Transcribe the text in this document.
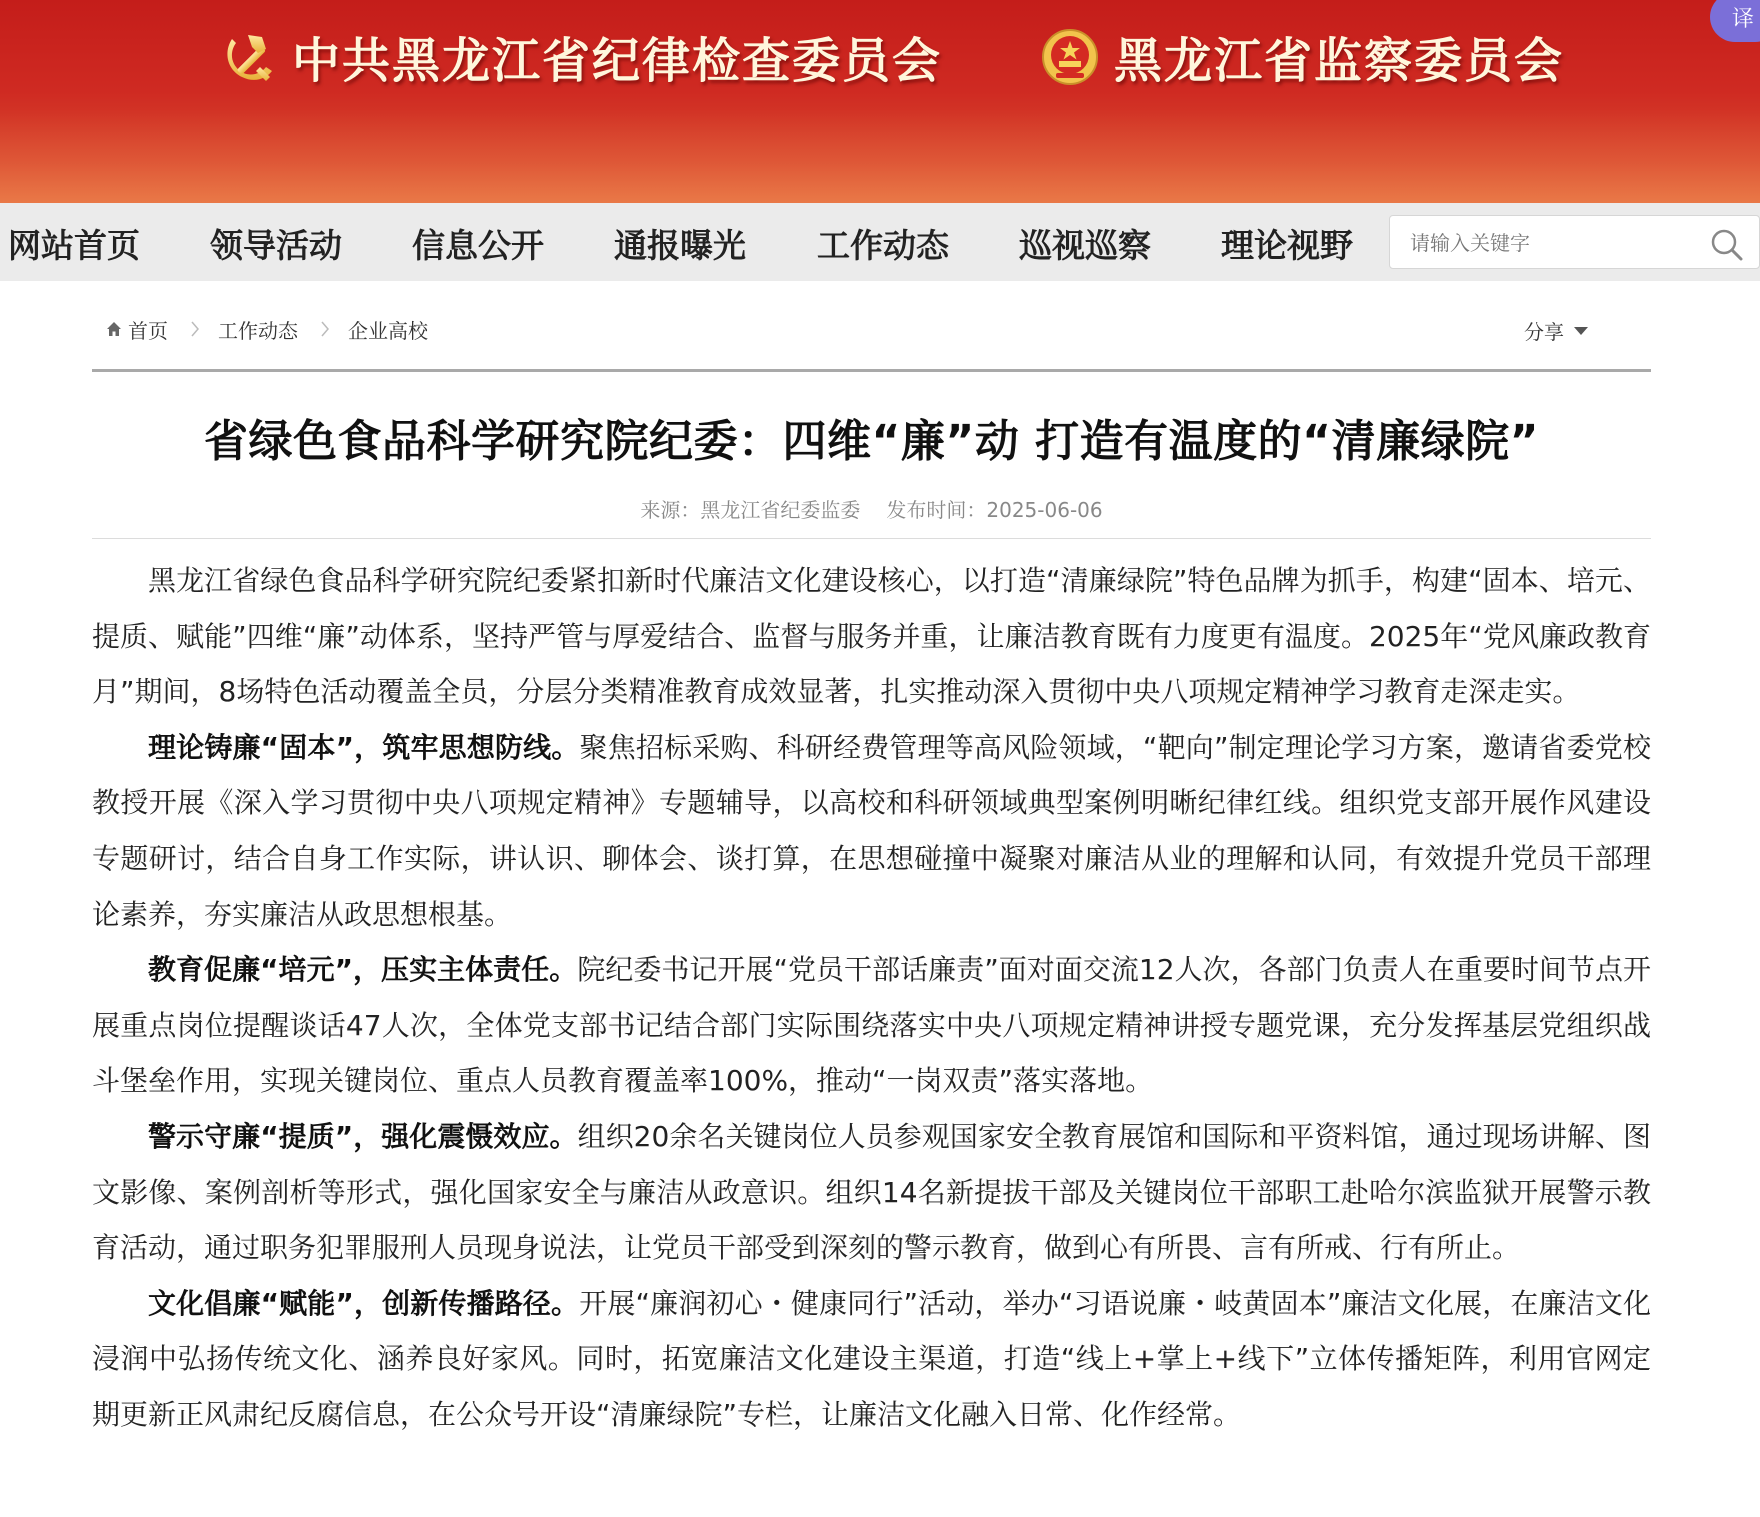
中共黑龙江省纪律检查委员会	黑龙江省监察委员会
译
网站首页 领导活动 信息公开 通报曝光 工作动态 巡视巡察 理论视野
请输入关键字
首页	工作动态	企业高校	分享
省绿色食品科学研究院纪委：四维“廉”动 打造有温度的“清廉绿院”
来源：黑龙江省纪委监委 发布时间：2025-06-06

黑龙江省绿色食品科学研究院纪委紧扣新时代廉洁文化建设核心，以打造“清廉绿院”特色品牌为抓手，构建“固本、培元、提质、赋能”四维“廉”动体系，坚持严管与厚爱结合、监督与服务并重，让廉洁教育既有力度更有温度。2025年“党风廉政教育月”期间，8场特色活动覆盖全员，分层分类精准教育成效显著，扎实推动深入贯彻中央八项规定精神学习教育走深走实。

理论铸廉“固本”，筑牢思想防线。聚焦招标采购、科研经费管理等高风险领域，“靶向”制定理论学习方案，邀请省委党校教授开展《深入学习贯彻中央八项规定精神》专题辅导，以高校和科研领域典型案例明晰纪律红线。组织党支部开展作风建设专题研讨，结合自身工作实际，讲认识、聊体会、谈打算，在思想碰撞中凝聚对廉洁从业的理解和认同，有效提升党员干部理论素养，夯实廉洁从政思想根基。

教育促廉“培元”，压实主体责任。院纪委书记开展“党员干部话廉责”面对面交流12人次，各部门负责人在重要时间节点开展重点岗位提醒谈话47人次，全体党支部书记结合部门实际围绕落实中央八项规定精神讲授专题党课，充分发挥基层党组织战斗堡垒作用，实现关键岗位、重点人员教育覆盖率100%，推动“一岗双责”落实落地。

警示守廉“提质”，强化震慑效应。组织20余名关键岗位人员参观国家安全教育展馆和国际和平资料馆，通过现场讲解、图文影像、案例剖析等形式，强化国家安全与廉洁从政意识。组织14名新提拔干部及关键岗位干部职工赴哈尔滨监狱开展警示教育活动，通过职务犯罪服刑人员现身说法，让党员干部受到深刻的警示教育，做到心有所畏、言有所戒、行有所止。

文化倡廉“赋能”，创新传播路径。开展“廉润初心・健康同行”活动，举办“习语说廉・岐黄固本”廉洁文化展，在廉洁文化浸润中弘扬传统文化、涵养良好家风。同时，拓宽廉洁文化建设主渠道，打造“线上+掌上+线下”立体传播矩阵，利用官网定期更新正风肃纪反腐信息，在公众号开设“清廉绿院”专栏，让廉洁文化融入日常、化作经常。
